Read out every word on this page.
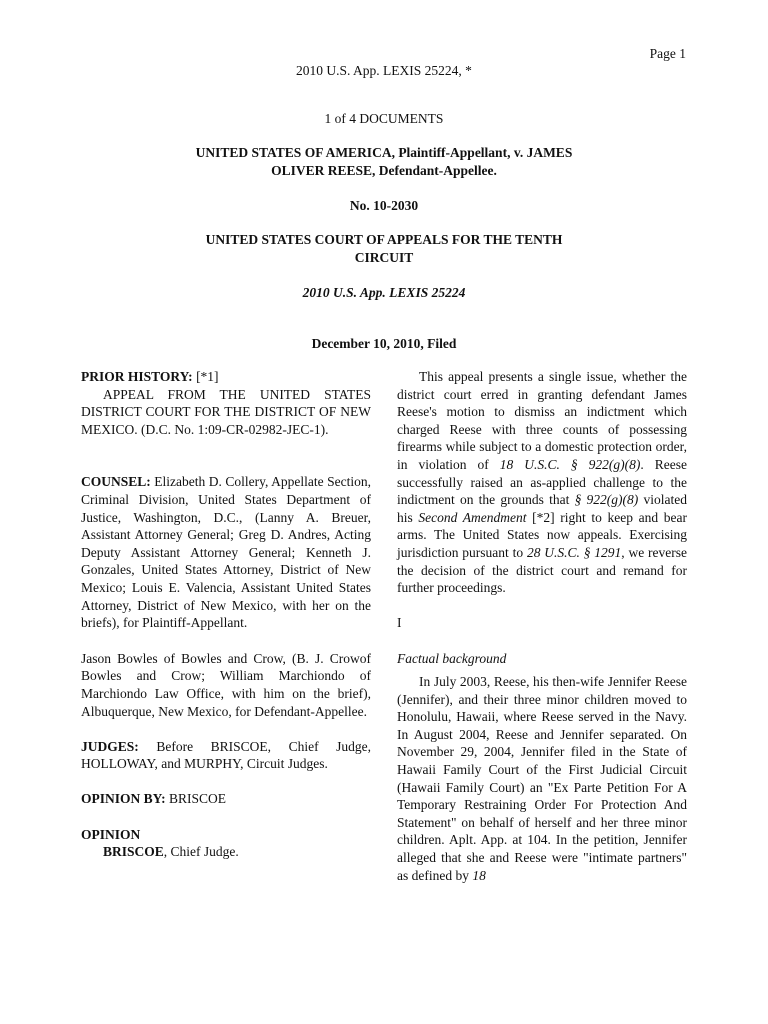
Page 1
2010 U.S. App. LEXIS 25224, *
1 of 4 DOCUMENTS
UNITED STATES OF AMERICA, Plaintiff-Appellant, v. JAMES
OLIVER REESE, Defendant-Appellee.
No. 10-2030
UNITED STATES COURT OF APPEALS FOR THE TENTH
CIRCUIT
2010 U.S. App. LEXIS 25224
December 10, 2010, Filed

PRIOR HISTORY: [*1]

APPEAL FROM THE UNITED STATES DISTRICT COURT FOR THE DISTRICT OF NEW MEXICO. (D.C. No. 1:09-CR-02982-JEC-1).

COUNSEL: Elizabeth D. Collery, Appellate Section, Criminal Division, United States Department of Justice, Washington, D.C., (Lanny A. Breuer, Assistant Attorney General; Greg D. Andres, Acting Deputy Assistant Attorney General; Kenneth J. Gonzales, United States Attorney, District of New Mexico; Louis E. Valencia, Assistant United States Attorney, District of New Mexico, with her on the briefs), for Plaintiff-Appellant.

Jason Bowles of Bowles and Crow, (B. J. Crowof Bowles and Crow; William Marchiondo of Marchiondo Law Office, with him on the brief), Albuquerque, New Mexico, for Defendant-Appellee.

JUDGES: Before BRISCOE, Chief Judge, HOLLOWAY, and MURPHY, Circuit Judges.

OPINION BY: BRISCOE

OPINION

BRISCOE, Chief Judge.

This appeal presents a single issue, whether the district court erred in granting defendant James Reese's motion to dismiss an indictment which charged Reese with three counts of possessing firearms while subject to a domestic protection order, in violation of 18 U.S.C. § 922(g)(8). Reese successfully raised an as-applied challenge to the indictment on the grounds that § 922(g)(8) violated his Second Amendment [*2] right to keep and bear arms. The United States now appeals. Exercising jurisdiction pursuant to 28 U.S.C. § 1291, we reverse the decision of the district court and remand for further proceedings.

I

Factual background

In July 2003, Reese, his then-wife Jennifer Reese (Jennifer), and their three minor children moved to Honolulu, Hawaii, where Reese served in the Navy. In August 2004, Reese and Jennifer separated. On November 29, 2004, Jennifer filed in the State of Hawaii Family Court of the First Judicial Circuit (Hawaii Family Court) an "Ex Parte Petition For A Temporary Restraining Order For Protection And Statement" on behalf of herself and her three minor children. Aplt. App. at 104. In the petition, Jennifer alleged that she and Reese were "intimate partners" as defined by 18
